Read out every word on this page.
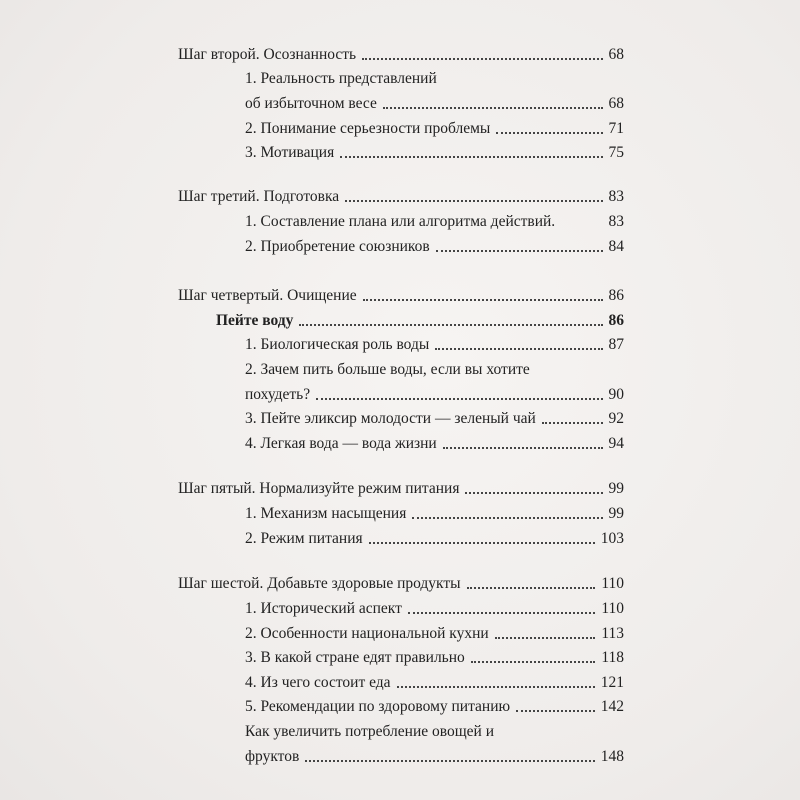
Шаг второй. Осознанность	68
1. Реальность представлений
об избыточном весе	68
2. Понимание серьезности проблемы	71
3. Мотивация	75
Шаг третий. Подготовка	83
1. Составление плана или алгоритма действий.	83
2. Приобретение союзников	84
Шаг четвертый. Очищение	86
Пейте воду	86
1. Биологическая роль воды	87
2. Зачем пить больше воды, если вы хотите
похудеть?	90
3. Пейте эликсир молодости — зеленый чай	92
4. Легкая вода — вода жизни	94
Шаг пятый. Нормализуйте режим питания	99
1. Механизм насыщения	99
2. Режим питания	103
Шаг шестой. Добавьте здоровые продукты	110
1. Исторический аспект	110
2. Особенности национальной кухни	113
3. В какой стране едят правильно	118
4. Из чего состоит еда	121
5. Рекомендации по здоровому питанию	142
Как увеличить потребление овощей и
фруктов	148
